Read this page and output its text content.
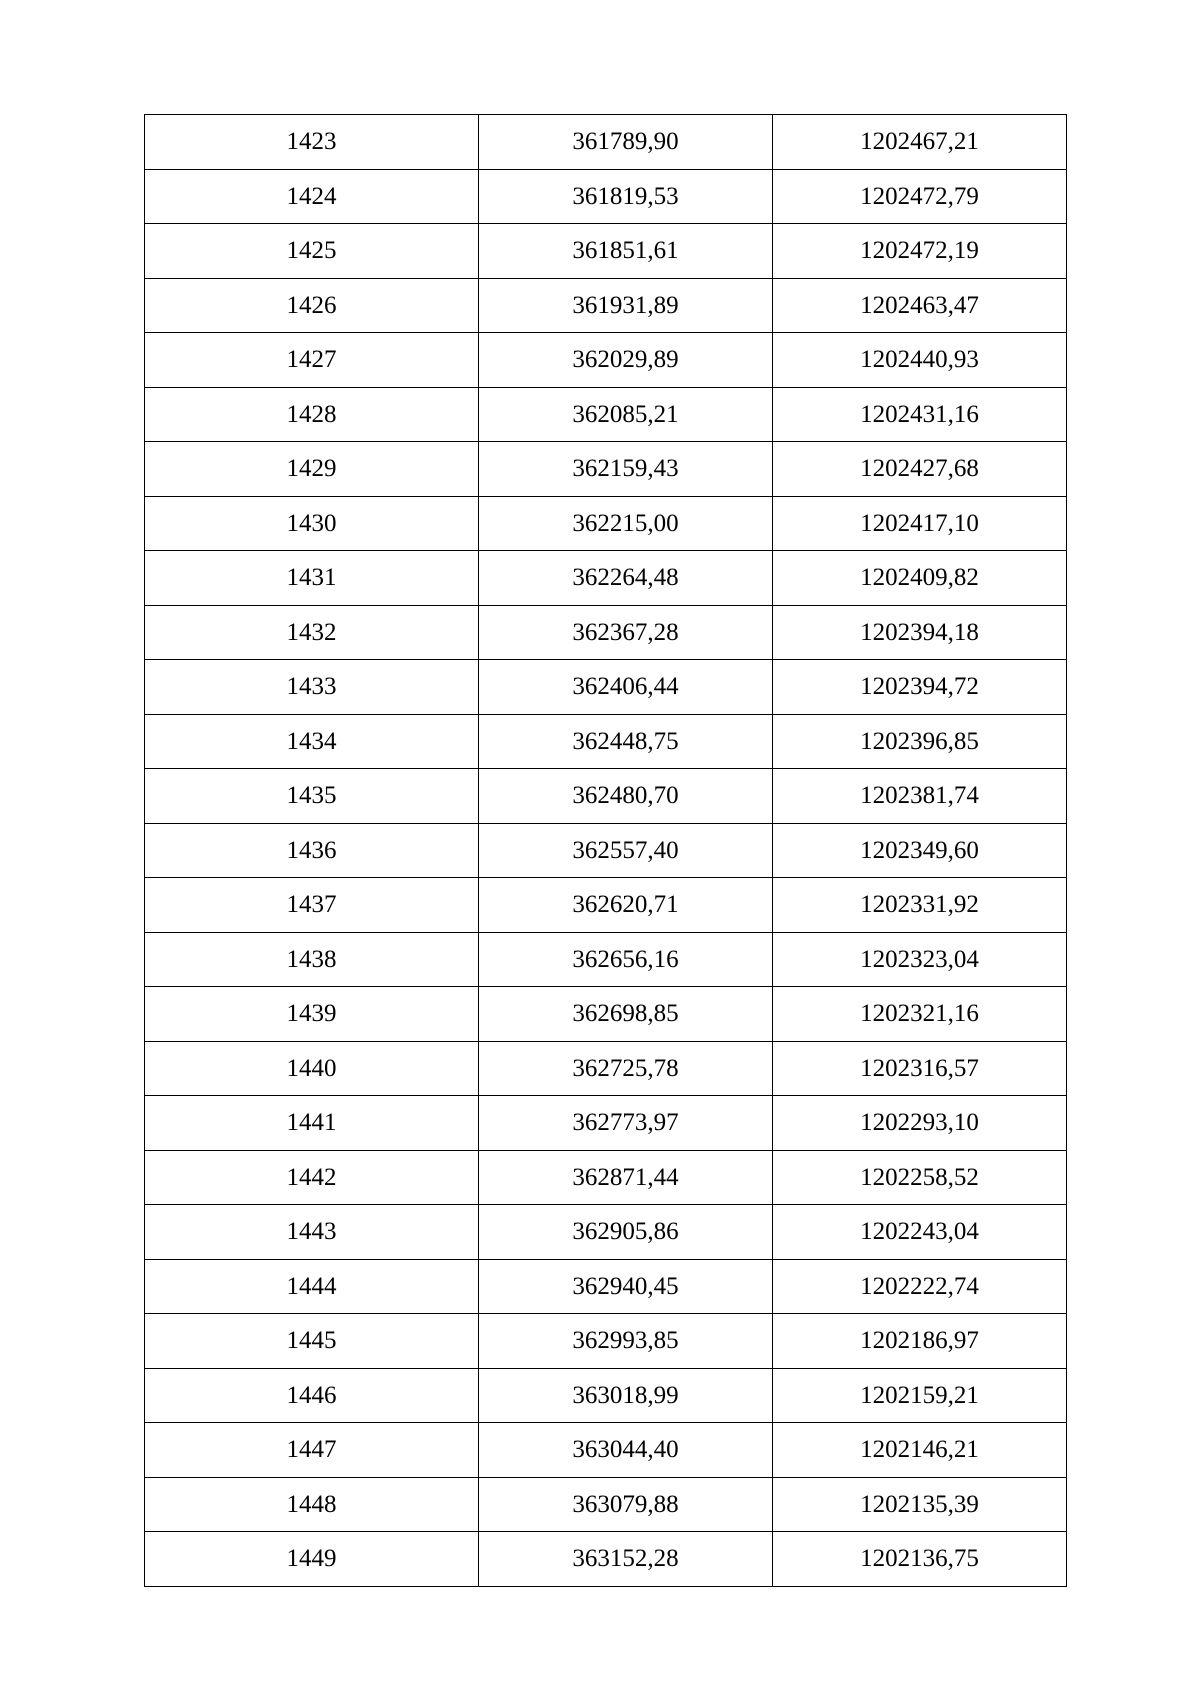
1423	361789,90	1202467,21
1424	361819,53	1202472,79
1425	361851,61	1202472,19
1426	361931,89	1202463,47
1427	362029,89	1202440,93
1428	362085,21	1202431,16
1429	362159,43	1202427,68
1430	362215,00	1202417,10
1431	362264,48	1202409,82
1432	362367,28	1202394,18
1433	362406,44	1202394,72
1434	362448,75	1202396,85
1435	362480,70	1202381,74
1436	362557,40	1202349,60
1437	362620,71	1202331,92
1438	362656,16	1202323,04
1439	362698,85	1202321,16
1440	362725,78	1202316,57
1441	362773,97	1202293,10
1442	362871,44	1202258,52
1443	362905,86	1202243,04
1444	362940,45	1202222,74
1445	362993,85	1202186,97
1446	363018,99	1202159,21
1447	363044,40	1202146,21
1448	363079,88	1202135,39
1449	363152,28	1202136,75
